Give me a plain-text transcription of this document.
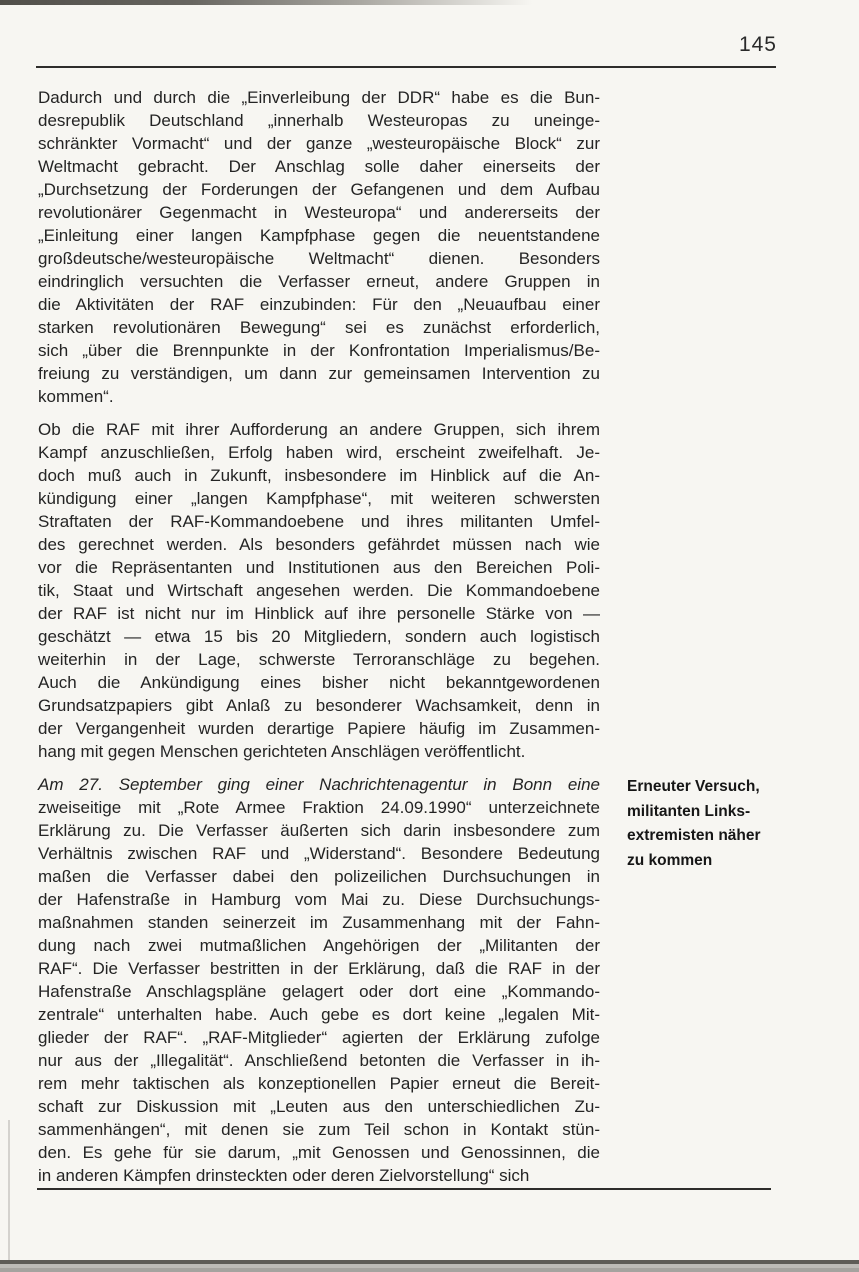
145
Dadurch und durch die „Einverleibung der DDR“ habe es die Bun-
desrepublik Deutschland „innerhalb Westeuropas zu uneinge-
schränkter Vormacht“ und der ganze „westeuropäische Block“ zur
Weltmacht gebracht. Der Anschlag solle daher einerseits der
„Durchsetzung der Forderungen der Gefangenen und dem Aufbau
revolutionärer Gegenmacht in Westeuropa“ und andererseits der
„Einleitung einer langen Kampfphase gegen die neuentstandene
großdeutsche/westeuropäische Weltmacht“ dienen. Besonders
eindringlich versuchten die Verfasser erneut, andere Gruppen in
die Aktivitäten der RAF einzubinden: Für den „Neuaufbau einer
starken revolutionären Bewegung“ sei es zunächst erforderlich,
sich „über die Brennpunkte in der Konfrontation Imperialismus/Be-
freiung zu verständigen, um dann zur gemeinsamen Intervention zu
kommen“.
Ob die RAF mit ihrer Aufforderung an andere Gruppen, sich ihrem
Kampf anzuschließen, Erfolg haben wird, erscheint zweifelhaft. Je-
doch muß auch in Zukunft, insbesondere im Hinblick auf die An-
kündigung einer „langen Kampfphase“, mit weiteren schwersten
Straftaten der RAF-Kommandoebene und ihres militanten Umfel-
des gerechnet werden. Als besonders gefährdet müssen nach wie
vor die Repräsentanten und Institutionen aus den Bereichen Poli-
tik, Staat und Wirtschaft angesehen werden. Die Kommandoebene
der RAF ist nicht nur im Hinblick auf ihre personelle Stärke von —
geschätzt — etwa 15 bis 20 Mitgliedern, sondern auch logistisch
weiterhin in der Lage, schwerste Terroranschläge zu begehen.
Auch die Ankündigung eines bisher nicht bekanntgewordenen
Grundsatzpapiers gibt Anlaß zu besonderer Wachsamkeit, denn in
der Vergangenheit wurden derartige Papiere häufig im Zusammen-
hang mit gegen Menschen gerichteten Anschlägen veröffentlicht.
Am 27. September ging einer Nachrichtenagentur in Bonn eine
zweiseitige mit „Rote Armee Fraktion 24.09.1990“ unterzeichnete
Erklärung zu. Die Verfasser äußerten sich darin insbesondere zum
Verhältnis zwischen RAF und „Widerstand“. Besondere Bedeutung
maßen die Verfasser dabei den polizeilichen Durchsuchungen in
der Hafenstraße in Hamburg vom Mai zu. Diese Durchsuchungs-
maßnahmen standen seinerzeit im Zusammenhang mit der Fahn-
dung nach zwei mutmaßlichen Angehörigen der „Militanten der
RAF“. Die Verfasser bestritten in der Erklärung, daß die RAF in der
Hafenstraße Anschlagspläne gelagert oder dort eine „Kommando-
zentrale“ unterhalten habe. Auch gebe es dort keine „legalen Mit-
glieder der RAF“. „RAF-Mitglieder“ agierten der Erklärung zufolge
nur aus der „Illegalität“. Anschließend betonten die Verfasser in ih-
rem mehr taktischen als konzeptionellen Papier erneut die Bereit-
schaft zur Diskussion mit „Leuten aus den unterschiedlichen Zu-
sammenhängen“, mit denen sie zum Teil schon in Kontakt stün-
den. Es gehe für sie darum, „mit Genossen und Genossinnen, die
in anderen Kämpfen drinsteckten oder deren Zielvorstellung“ sich
Erneuter Versuch,
militanten Links-
extremisten näher
zu kommen
